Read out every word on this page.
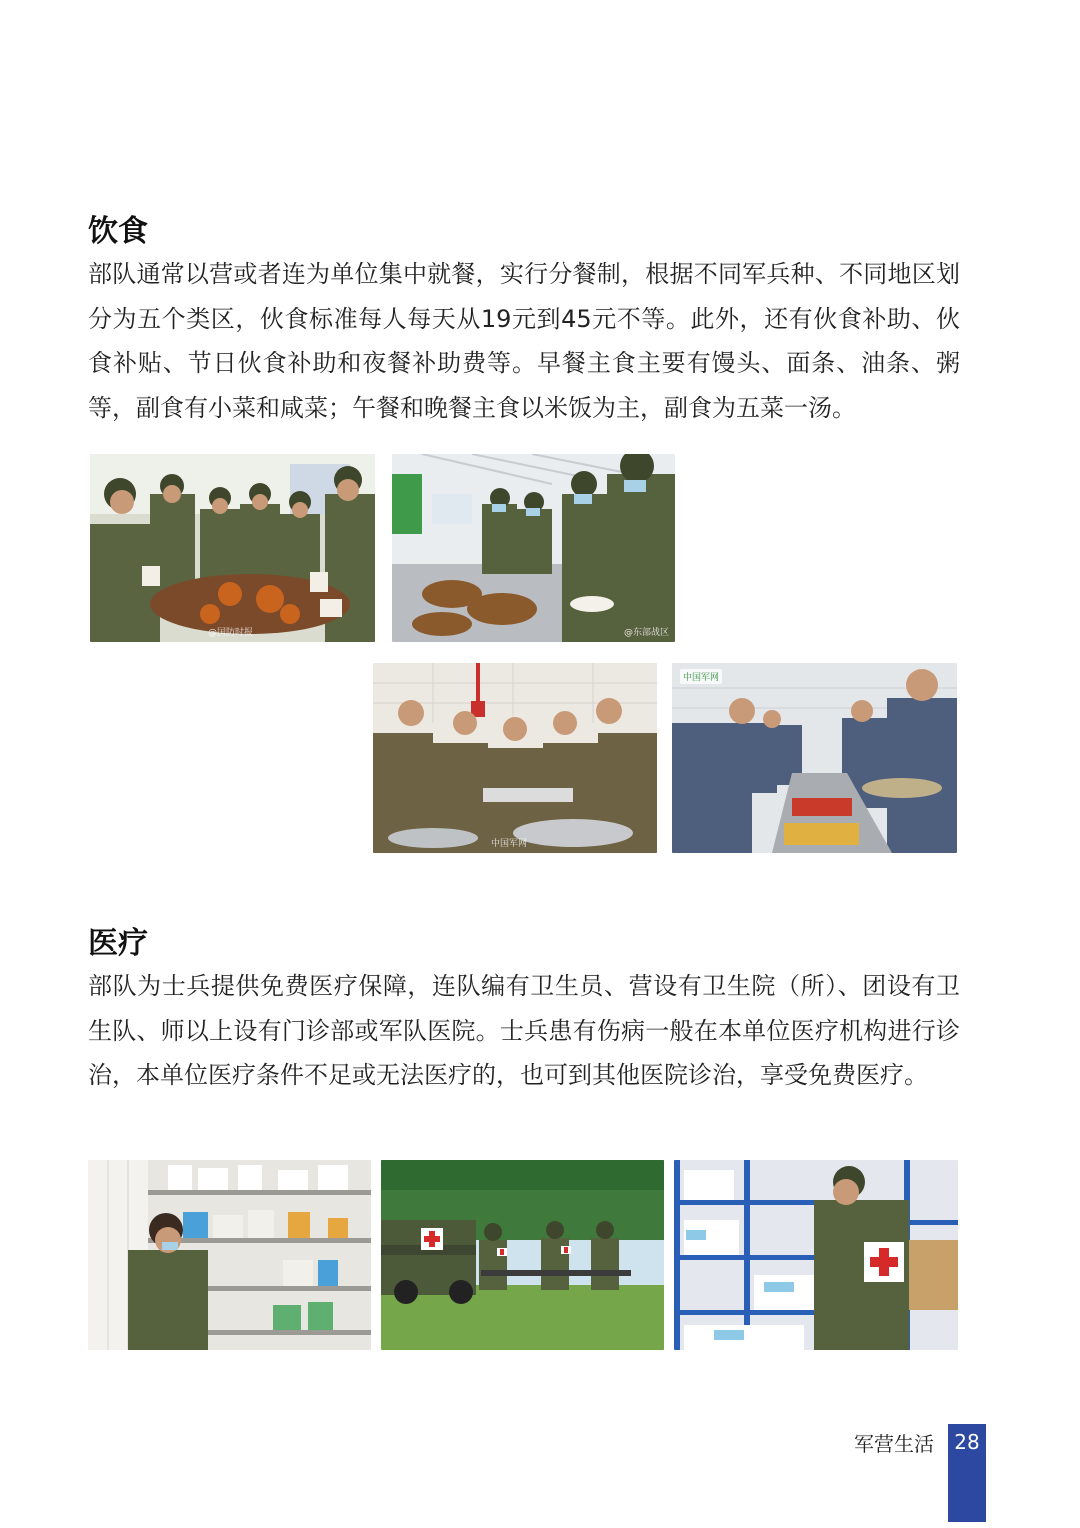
饮食

部队通常以营或者连为单位集中就餐，实行分餐制，根据不同军兵种、不同地区划分为五个类区，伙食标准每人每天从19元到45元不等。此外，还有伙食补助、伙食补贴、节日伙食补助和夜餐补助费等。早餐主食主要有馒头、面条、油条、粥等，副食有小菜和咸菜；午餐和晚餐主食以米饭为主，副食为五菜一汤。

@国防时报	@东部战区
中国军网
中国军网
医疗

部队为士兵提供免费医疗保障，连队编有卫生员、营设有卫生院（所）、团设有卫生队、师以上设有门诊部或军队医院。士兵患有伤病一般在本单位医疗机构进行诊治，本单位医疗条件不足或无法医疗的，也可到其他医院诊治，享受免费医疗。

军营生活	28
